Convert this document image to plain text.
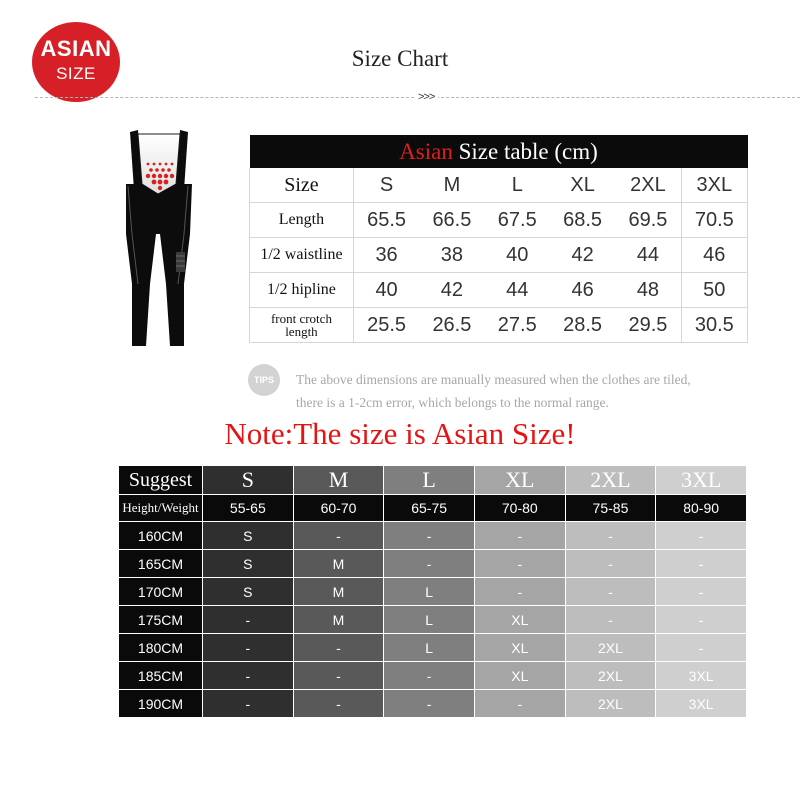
ASIAN
SIZE
Size Chart
>>>
Asian Size table (cm)						
Size	S	M	L	XL	2XL	3XL
Length	65.5	66.5	67.5	68.5	69.5	70.5
1/2 waistline	36	38	40	42	44	46
1/2 hipline	40	42	44	46	48	50
front crotch
length	25.5	26.5	27.5	28.5	29.5	30.5
TIPS	The above dimensions are manually measured when the clothes are tiled,
there is a 1-2cm error, which belongs to the normal range.
Note:The size is Asian Size!
Suggest	S	M	L	XL	2XL	3XL
Height/Weight	55-65	60-70	65-75	70-80	75-85	80-90
160CM	S	-	-	-	-	-
165CM	S	M	-	-	-	-
170CM	S	M	L	-	-	-
175CM	-	M	L	XL	-	-
180CM	-	-	L	XL	2XL	-
185CM	-	-	-	XL	2XL	3XL
190CM	-	-	-	-	2XL	3XL
